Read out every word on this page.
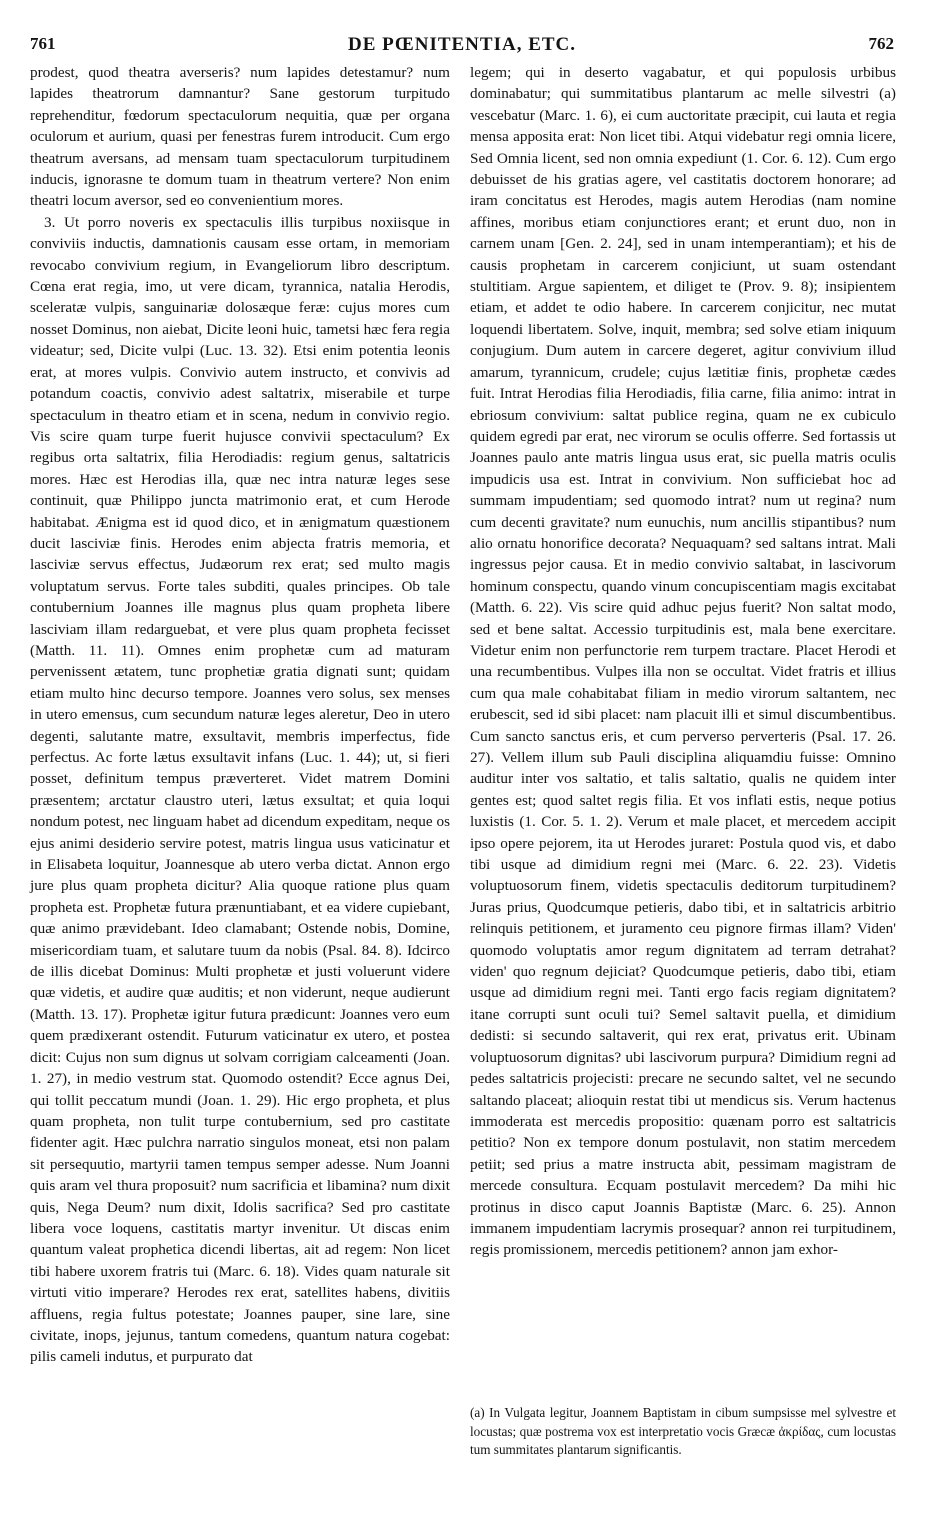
761	DE PŒNITENTIA, ETC.	762

prodest, quod theatra averseris? num lapides detestamur? num lapides theatrorum damnantur? Sane gestorum turpitudo reprehenditur, fœdorum spectaculorum nequitia, quæ per organa oculorum et aurium, quasi per fenestras furem introducit. Cum ergo theatrum aversans, ad mensam tuam spectaculorum turpitudinem inducis, ignorasne te domum tuam in theatrum vertere? Non enim theatri locum aversor, sed eo convenientium mores.

3. Ut porro noveris ex spectaculis illis turpibus noxiisque in conviviis inductis, damnationis causam esse ortam, in memoriam revocabo convivium regium, in Evangeliorum libro descriptum. Cœna erat regia, imo, ut vere dicam, tyrannica, natalia Herodis, sceleratæ vulpis, sanguinariæ dolosæque feræ: cujus mores cum nosset Dominus, non aiebat, Dicite leoni huic, tametsi hæc fera regia videatur; sed, Dicite vulpi (Luc. 13. 32). Etsi enim potentia leonis erat, at mores vulpis. Convivio autem instructo, et convivis ad potandum coactis, convivio adest saltatrix, miserabile et turpe spectaculum in theatro etiam et in scena, nedum in convivio regio. Vis scire quam turpe fuerit hujusce convivii spectaculum? Ex regibus orta saltatrix, filia Herodiadis: regium genus, saltatricis mores. Hæc est Herodias illa, quæ nec intra naturæ leges sese continuit, quæ Philippo juncta matrimonio erat, et cum Herode habitabat. Ænigma est id quod dico, et in ænigmatum quæstionem ducit lasciviæ finis. Herodes enim abjecta fratris memoria, et lasciviæ servus effectus, Judæorum rex erat; sed multo magis voluptatum servus. Forte tales subditi, quales principes. Ob tale contubernium Joannes ille magnus plus quam propheta libere lasciviam illam redarguebat, et vere plus quam propheta fecisset (Matth. 11. 11). Omnes enim prophetæ cum ad maturam pervenissent ætatem, tunc prophetiæ gratia dignati sunt; quidam etiam multo hinc decurso tempore. Joannes vero solus, sex menses in utero emensus, cum secundum naturæ leges aleretur, Deo in utero degenti, salutante matre, exsultavit, membris imperfectus, fide perfectus. Ac forte lætus exsultavit infans (Luc. 1. 44); ut, si fieri posset, definitum tempus præverteret. Videt matrem Domini præsentem; arctatur claustro uteri, lætus exsultat; et quia loqui nondum potest, nec linguam habet ad dicendum expeditam, neque os ejus animi desiderio servire potest, matris lingua usus vaticinatur et in Elisabeta loquitur, Joannesque ab utero verba dictat. Annon ergo jure plus quam propheta dicitur? Alia quoque ratione plus quam propheta est. Prophetæ futura prænuntiabant, et ea videre cupiebant, quæ animo prævidebant. Ideo clamabant; Ostende nobis, Domine, misericordiam tuam, et salutare tuum da nobis (Psal. 84. 8). Idcirco de illis dicebat Dominus: Multi prophetæ et justi voluerunt videre quæ videtis, et audire quæ auditis; et non viderunt, neque audierunt (Matth. 13. 17). Prophetæ igitur futura prædicunt: Joannes vero eum quem prædixerant ostendit. Futurum vaticinatur ex utero, et postea dicit: Cujus non sum dignus ut solvam corrigiam calceamenti (Joan. 1. 27), in medio vestrum stat. Quomodo ostendit? Ecce agnus Dei, qui tollit peccatum mundi (Joan. 1. 29). Hic ergo propheta, et plus quam propheta, non tulit turpe contubernium, sed pro castitate fidenter agit. Hæc pulchra narratio singulos moneat, etsi non palam sit persequutio, martyrii tamen tempus semper adesse. Num Joanni quis aram vel thura proposuit? num sacrificia et libamina? num dixit quis, Nega Deum? num dixit, Idolis sacrifica? Sed pro castitate libera voce loquens, castitatis martyr invenitur. Ut discas enim quantum valeat prophetica dicendi libertas, ait ad regem: Non licet tibi habere uxorem fratris tui (Marc. 6. 18). Vides quam naturale sit virtuti vitio imperare? Herodes rex erat, satellites habens, divitiis affluens, regia fultus potestate; Joannes pauper, sine lare, sine civitate, inops, jejunus, tantum comedens, quantum natura cogebat: pilis cameli indutus, et purpurato dat

legem; qui in deserto vagabatur, et qui populosis urbibus dominabatur; qui summitatibus plantarum ac melle silvestri (a) vescebatur (Marc. 1. 6), ei cum auctoritate præcipit, cui lauta et regia mensa apposita erat: Non licet tibi. Atqui videbatur regi omnia licere, Sed Omnia licent, sed non omnia expediunt (1. Cor. 6. 12). Cum ergo debuisset de his gratias agere, vel castitatis doctorem honorare; ad iram concitatus est Herodes, magis autem Herodias (nam nomine affines, moribus etiam conjunctiores erant; et erunt duo, non in carnem unam [Gen. 2. 24], sed in unam intemperantiam); et his de causis prophetam in carcerem conjiciunt, ut suam ostendant stultitiam. Argue sapientem, et diliget te (Prov. 9. 8); insipientem etiam, et addet te odio habere. In carcerem conjicitur, nec mutat loquendi libertatem. Solve, inquit, membra; sed solve etiam iniquum conjugium. Dum autem in carcere degeret, agitur convivium illud amarum, tyrannicum, crudele; cujus lætitiæ finis, prophetæ cædes fuit. Intrat Herodias filia Herodiadis, filia carne, filia animo: intrat in ebriosum convivium: saltat publice regina, quam ne ex cubiculo quidem egredi par erat, nec virorum se oculis offerre. Sed fortassis ut Joannes paulo ante matris lingua usus erat, sic puella matris oculis impudicis usa est. Intrat in convivium. Non sufficiebat hoc ad summam impudentiam; sed quomodo intrat? num ut regina? num cum decenti gravitate? num eunuchis, num ancillis stipantibus? num alio ornatu honorifice decorata? Nequaquam? sed saltans intrat. Mali ingressus pejor causa. Et in medio convivio saltabat, in lascivorum hominum conspectu, quando vinum concupiscentiam magis excitabat (Matth. 6. 22). Vis scire quid adhuc pejus fuerit? Non saltat modo, sed et bene saltat. Accessio turpitudinis est, mala bene exercitare. Videtur enim non perfunctorie rem turpem tractare. Placet Herodi et una recumbentibus. Vulpes illa non se occultat. Videt fratris et illius cum qua male cohabitabat filiam in medio virorum saltantem, nec erubescit, sed id sibi placet: nam placuit illi et simul discumbentibus. Cum sancto sanctus eris, et cum perverso perverteris (Psal. 17. 26. 27). Vellem illum sub Pauli disciplina aliquamdiu fuisse: Omnino auditur inter vos saltatio, et talis saltatio, qualis ne quidem inter gentes est; quod saltet regis filia. Et vos inflati estis, neque potius luxistis (1. Cor. 5. 1. 2). Verum et male placet, et mercedem accipit ipso opere pejorem, ita ut Herodes juraret: Postula quod vis, et dabo tibi usque ad dimidium regni mei (Marc. 6. 22. 23). Videtis voluptuosorum finem, videtis spectaculis deditorum turpitudinem? Juras prius, Quodcumque petieris, dabo tibi, et in saltatricis arbitrio relinquis petitionem, et juramento ceu pignore firmas illam? Viden' quomodo voluptatis amor regum dignitatem ad terram detrahat? viden' quo regnum dejiciat? Quodcumque petieris, dabo tibi, etiam usque ad dimidium regni mei. Tanti ergo facis regiam dignitatem? itane corrupti sunt oculi tui? Semel saltavit puella, et dimidium dedisti: si secundo saltaverit, qui rex erat, privatus erit. Ubinam voluptuosorum dignitas? ubi lascivorum purpura? Dimidium regni ad pedes saltatricis projecisti: precare ne secundo saltet, vel ne secundo saltando placeat; alioquin restat tibi ut mendicus sis. Verum hactenus immoderata est mercedis propositio: quænam porro est saltatricis petitio? Non ex tempore donum postulavit, non statim mercedem petiit; sed prius a matre instructa abit, pessimam magistram de mercede consultura. Ecquam postulavit mercedem? Da mihi hic protinus in disco caput Joannis Baptistæ (Marc. 6. 25). Annon immanem impudentiam lacrymis prosequar? annon rei turpitudinem, regis promissionem, mercedis petitionem? annon jam exhor-

(a) In Vulgata legitur, Joannem Baptistam in cibum sumpsisse mel sylvestre et locustas; quæ postrema vox est interpretatio vocis Græcæ ἀκρίδας, cum locustas tum summitates plantarum significantis.
